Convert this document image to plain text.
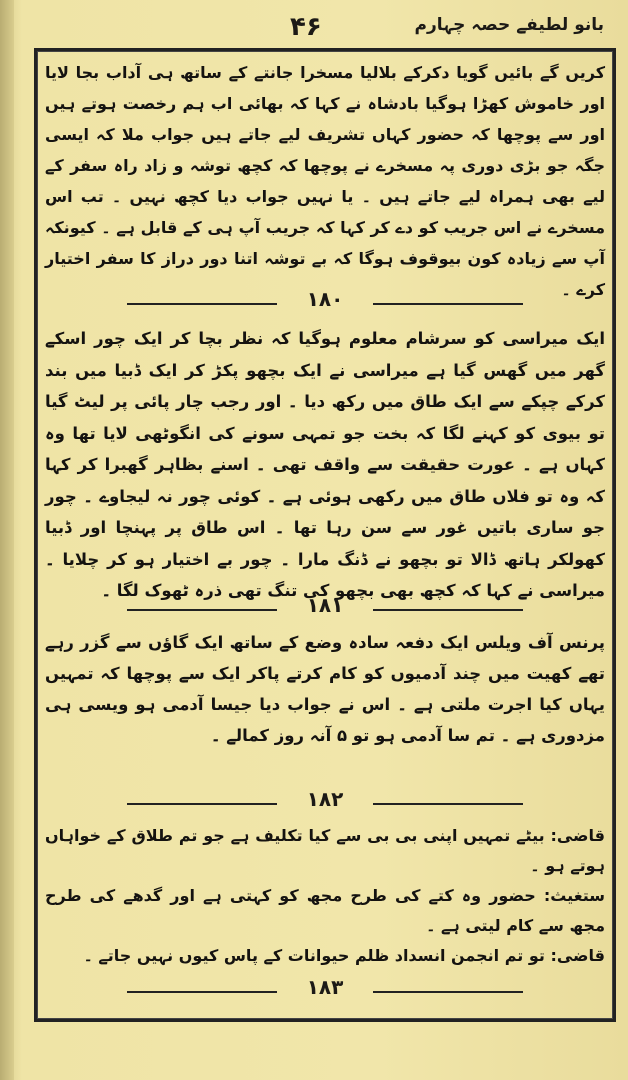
۴۶	بانو لطیفے حصہ چہارم
کریں گے بائیں گویا دکرکے بلالیا مسخرا جانتے کے ساتھ ہی آداب بجا لایا اور خاموش کھڑا ہوگیا بادشاہ نے کہا کہ بھائی اب ہم رخصت ہوتے ہیں اور سے پوچھا کہ حضور کہاں تشریف لیے جاتے ہیں جواب ملا کہ ایسی جگہ جو بڑی دوری پہ مسخرے نے پوچھا کہ کچھ توشہ و زاد راہ سفر کے لیے بھی ہمراہ لیے جاتے ہیں ۔ یا نہیں جواب دیا کچھ نہیں ۔ تب اس مسخرے نے اس جریب کو دے کر کہا کہ جریب آپ ہی کے قابل ہے ۔ کیونکہ آپ سے زیادہ کون بیوقوف ہوگا کہ بے توشہ اتنا دور دراز کا سفر اختیار کرے ۔
۱۸۰
ایک میراسی کو سرشام معلوم ہوگیا کہ نظر بچا کر ایک چور اسکے گھر میں گھس گیا ہے میراسی نے ایک بچھو پکڑ کر ایک ڈبیا میں بند کرکے چپکے سے ایک طاق میں رکھ دیا ۔ اور رجب چار پائی پر لیٹ گیا تو بیوی کو کہنے لگا کہ بخت جو تمہی سونے کی انگوٹھی لایا تھا وہ کہاں ہے ۔ عورت حقیقت سے واقف تھی ۔ اسنے بظاہر گھبرا کر کہا کہ وہ تو فلاں طاق میں رکھی ہوئی ہے ۔ کوئی چور نہ لیجاوے ۔ چور جو ساری باتیں غور سے سن رہا تھا ۔ اس طاق پر پہنچا اور ڈبیا کھولکر ہاتھ ڈالا تو بچھو نے ڈنگ مارا ۔ چور بے اختیار ہو کر چلایا ۔ میراسی نے کہا کہ کچھ بھی بچھو کی تنگ تھی ذرہ ٹھوک لگا ۔
۱۸۱
پرنس آف ویلس ایک دفعہ سادہ وضع کے ساتھ ایک گاؤں سے گزر رہے تھے کھیت میں چند آدمیوں کو کام کرتے پاکر ایک سے پوچھا کہ تمہیں یہاں کیا اجرت ملتی ہے ۔ اس نے جواب دیا جیسا آدمی ہو ویسی ہی مزدوری ہے ۔ تم سا آدمی ہو تو ۵ آنہ روز کمالے ۔
۱۸۲
قاضی: بیٹے تمہیں اپنی بی بی سے کیا تکلیف ہے جو تم طلاق کے خواہاں ہوتے ہو ۔
ستغیث: حضور وہ کتے کی طرح مجھ کو کہتی ہے اور گدھے کی طرح مجھ سے کام لیتی ہے ۔
قاضی: تو تم انجمن انسداد ظلم حیوانات کے پاس کیوں نہیں جاتے ۔
۱۸۳
